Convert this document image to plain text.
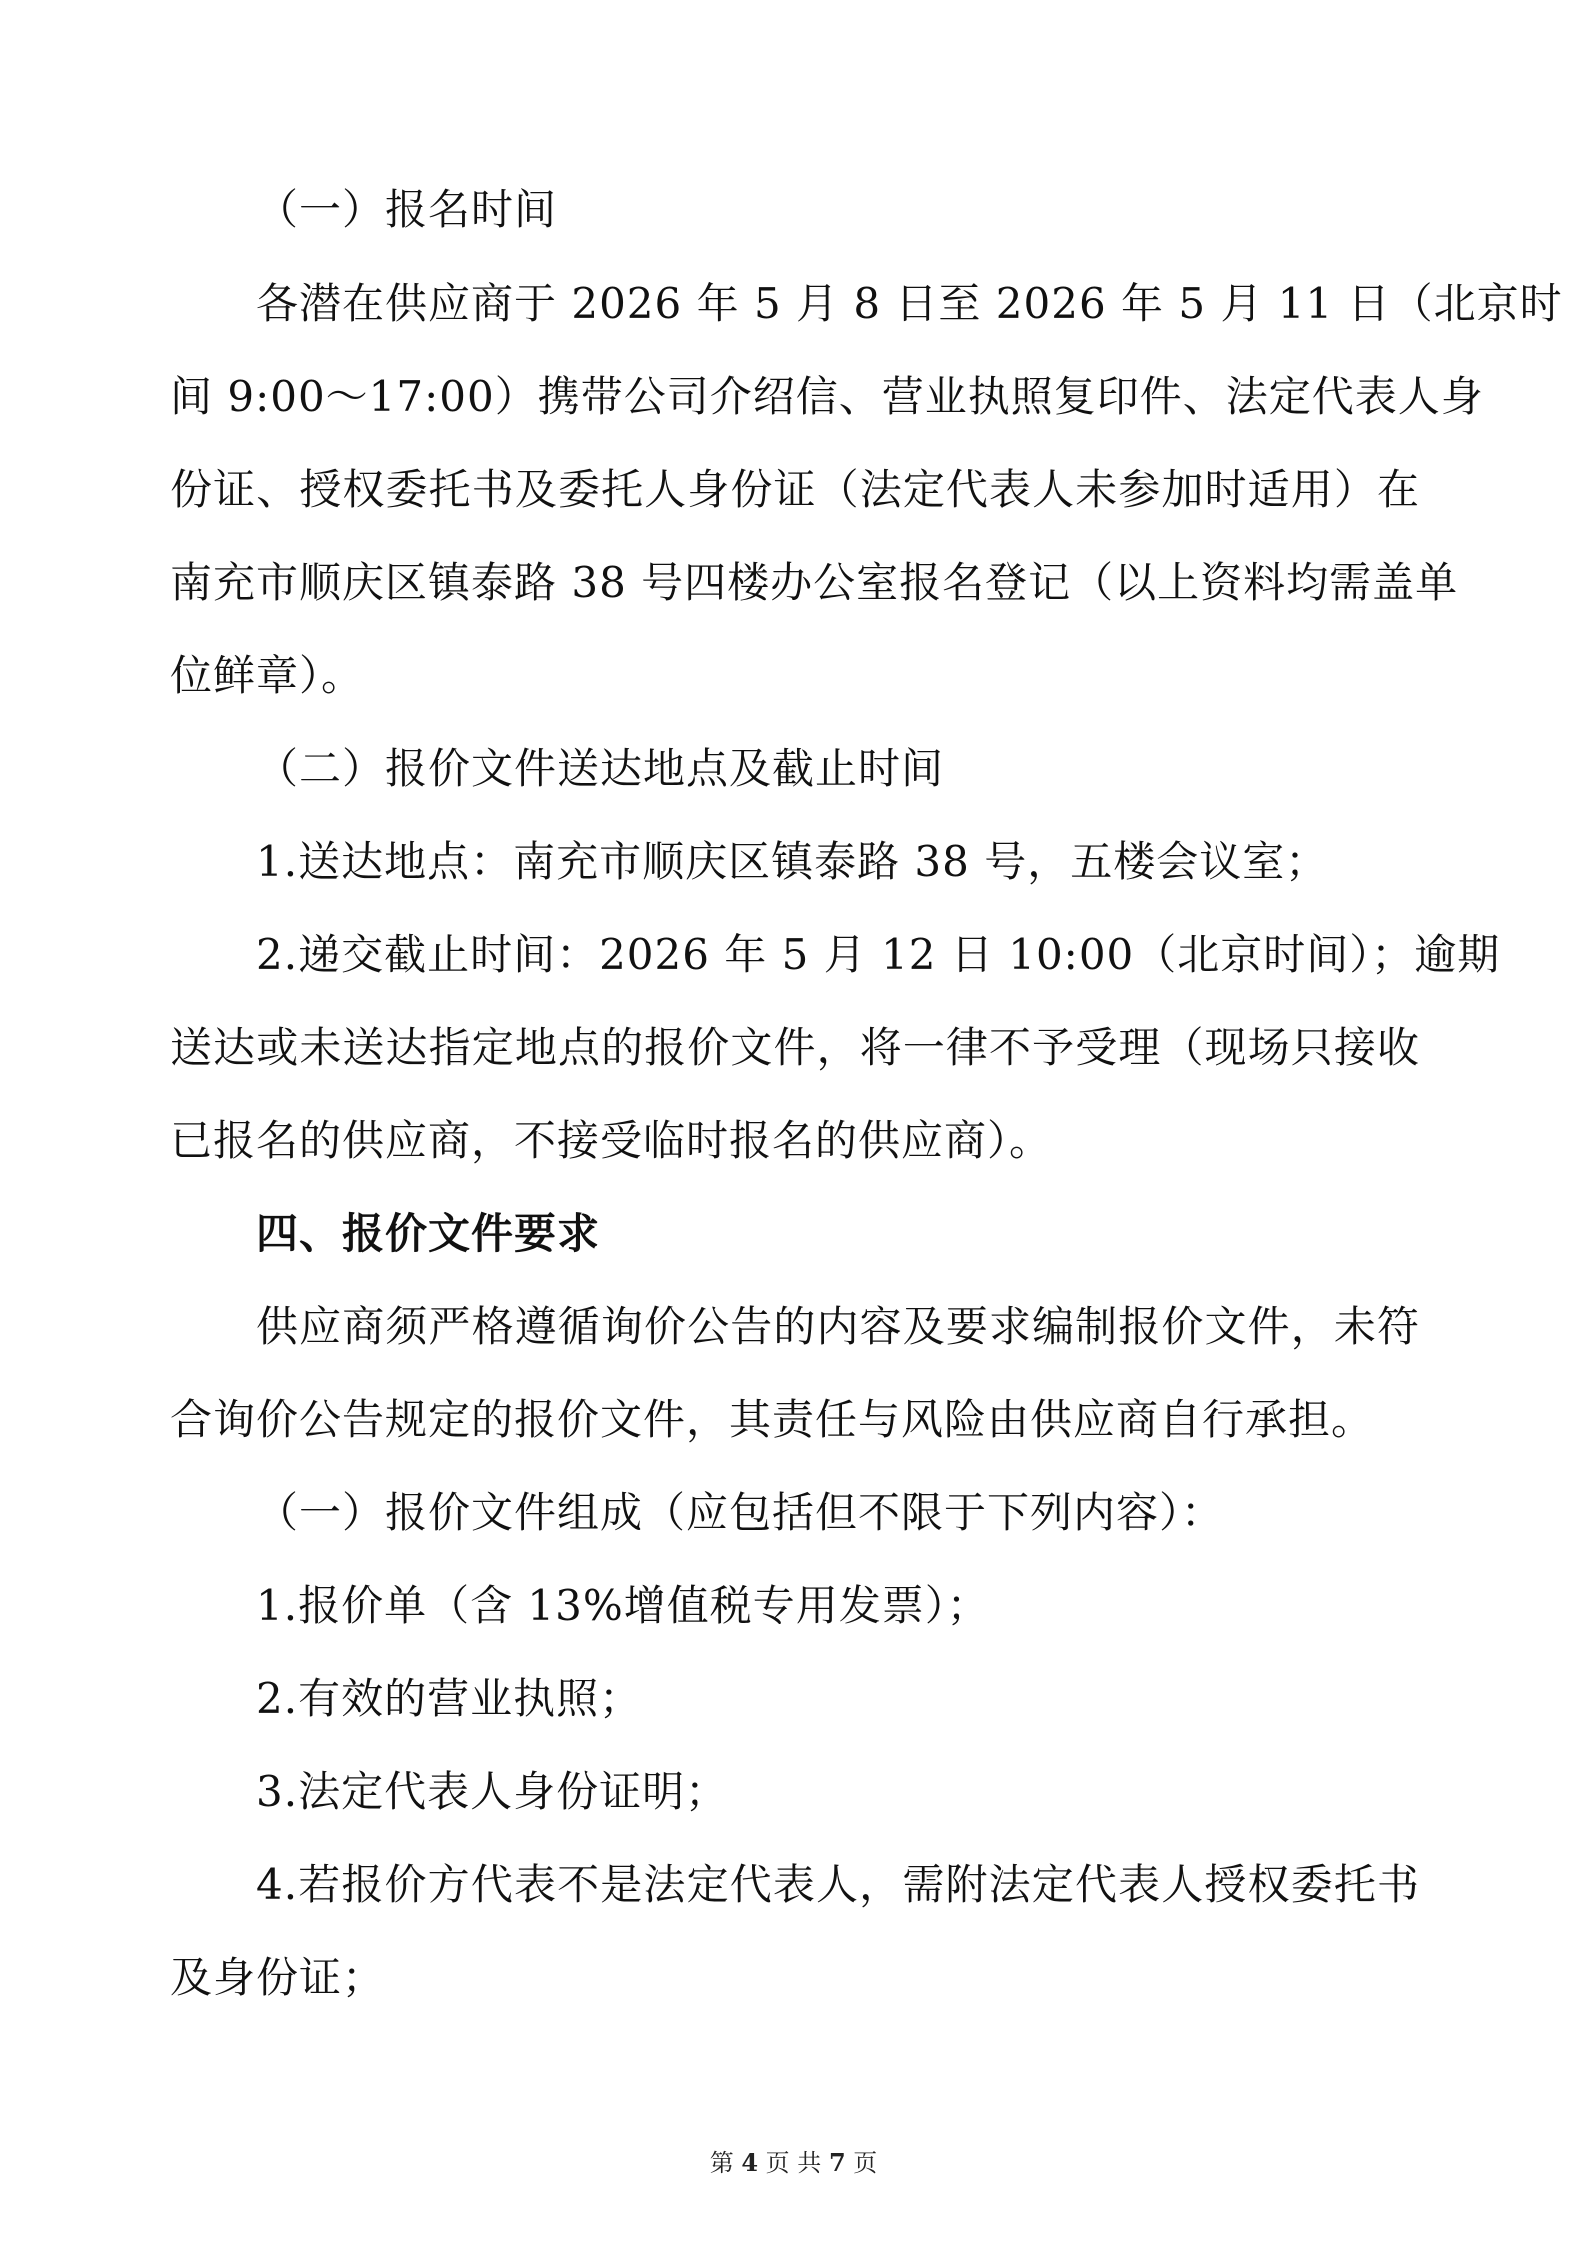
（一）报名时间
各潜在供应商于 2026 年 5 月 8 日至 2026 年 5 月 11 日（北京时
间 9:00～17:00）携带公司介绍信、营业执照复印件、法定代表人身
份证、授权委托书及委托人身份证（法定代表人未参加时适用）在
南充市顺庆区镇泰路 38 号四楼办公室报名登记（以上资料均需盖单
位鲜章）。
（二）报价文件送达地点及截止时间
1.送达地点：南充市顺庆区镇泰路 38 号，五楼会议室；
2.递交截止时间：2026 年 5 月 12 日 10:00（北京时间）；逾期
送达或未送达指定地点的报价文件，将一律不予受理（现场只接收
已报名的供应商，不接受临时报名的供应商）。
四、报价文件要求
供应商须严格遵循询价公告的内容及要求编制报价文件，未符
合询价公告规定的报价文件，其责任与风险由供应商自行承担。
（一）报价文件组成（应包括但不限于下列内容）：
1.报价单（含 13%增值税专用发票）；
2.有效的营业执照；
3.法定代表人身份证明；
4.若报价方代表不是法定代表人，需附法定代表人授权委托书
及身份证；
第 4 页 共 7 页
